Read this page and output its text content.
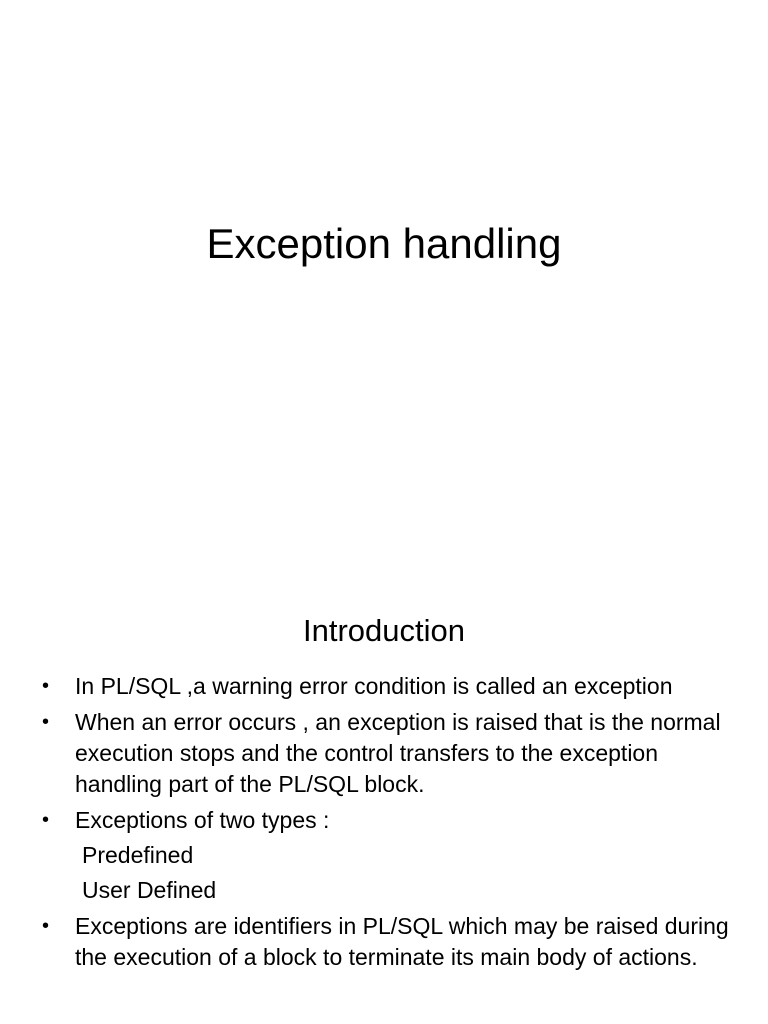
Exception handling
Introduction
• In PL/SQL ,a warning error condition is called an exception
• When an error occurs , an exception is raised that is the normal execution stops and the control transfers to the exception handling part of the PL/SQL block.
• Exceptions of two types :
Predefined
User Defined
• Exceptions are identifiers in PL/SQL which may be raised during the execution of a block to terminate its main body of actions.
